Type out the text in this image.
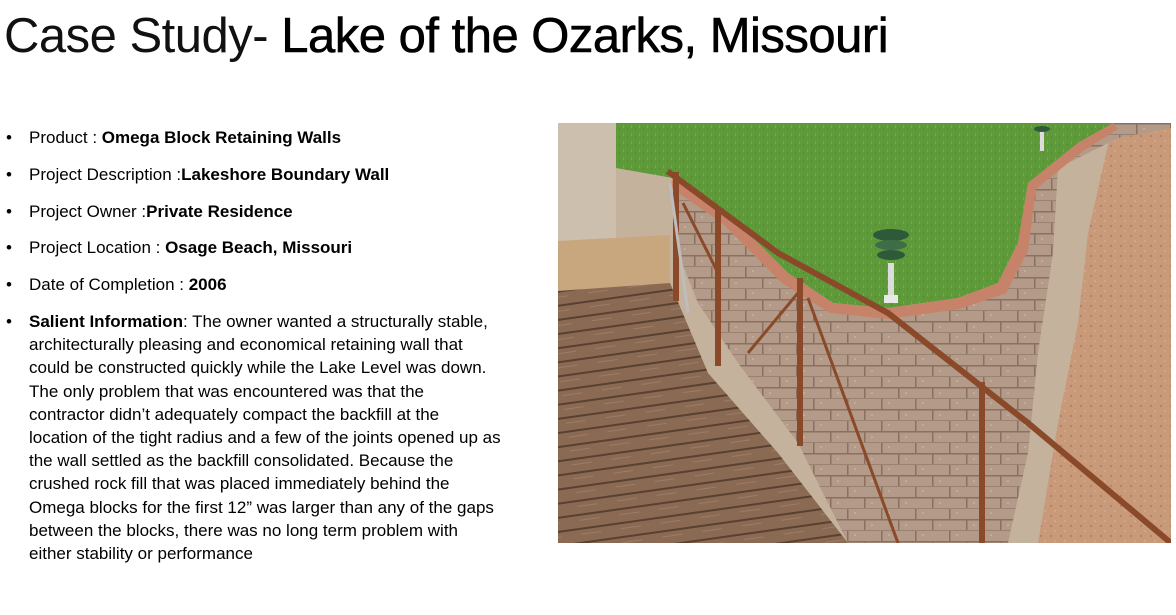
Case Study- Lake of the Ozarks, Missouri
• Product : Omega Block Retaining Walls
• Project Description :Lakeshore Boundary Wall
• Project Owner :Private Residence
• Project Location : Osage Beach, Missouri
• Date of Completion : 2006
• Salient Information: The owner wanted a structurally stable, architecturally pleasing and economical retaining wall that could be constructed quickly while the Lake Level was down. The only problem that was encountered was that the contractor didn’t adequately compact the backfill at the location of the tight radius and a few of the joints opened up as the wall settled as the backfill consolidated. Because the crushed rock fill that was placed immediately behind the Omega blocks for the first 12” was larger than any of the gaps between the blocks, there was no long term problem with either stability or performance
